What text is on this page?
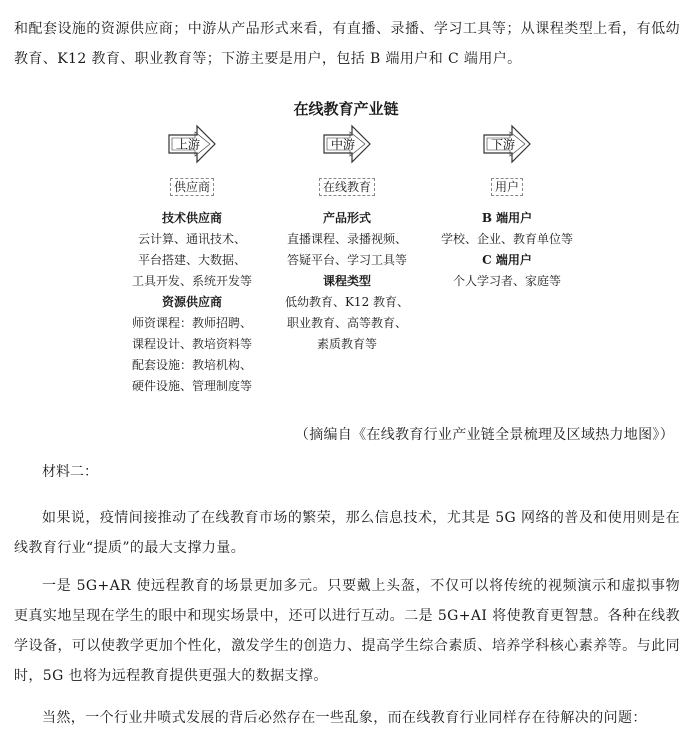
和配套设施的资源供应商；中游从产品形式来看，有直播、录播、学习工具等；从课程类型上看，有低幼教育、K12 教育、职业教育等；下游主要是用户，包括 B 端用户和 C 端用户。

在线教育产业链
上游
供应商
技术供应商
云计算、通讯技术、
平台搭建、大数据、
工具开发、系统开发等
资源供应商
师资课程：教师招聘、
课程设计、教培资料等
配套设施：教培机构、
硬件设施、管理制度等
中游
在线教育
产品形式
直播课程、录播视频、
答疑平台、学习工具等
课程类型
低幼教育、K12 教育、
职业教育、高等教育、
素质教育等
下游
用户
B 端用户
学校、企业、教育单位等
C 端用户
个人学习者、家庭等
（摘编自《在线教育行业产业链全景梳理及区域热力地图》）
材料二：

如果说，疫情间接推动了在线教育市场的繁荣，那么信息技术，尤其是 5G 网络的普及和使用则是在线教育行业“提质”的最大支撑力量。

一是 5G+AR 使远程教育的场景更加多元。只要戴上头盔，不仅可以将传统的视频演示和虚拟事物更真实地呈现在学生的眼中和现实场景中，还可以进行互动。二是 5G+AI 将使教育更智慧。各种在线教学设备，可以使教学更加个性化，激发学生的创造力、提高学生综合素质、培养学科核心素养等。与此同时，5G 也将为远程教育提供更强大的数据支撑。

当然，一个行业井喷式发展的背后必然存在一些乱象，而在线教育行业同样存在待解决的问题：
